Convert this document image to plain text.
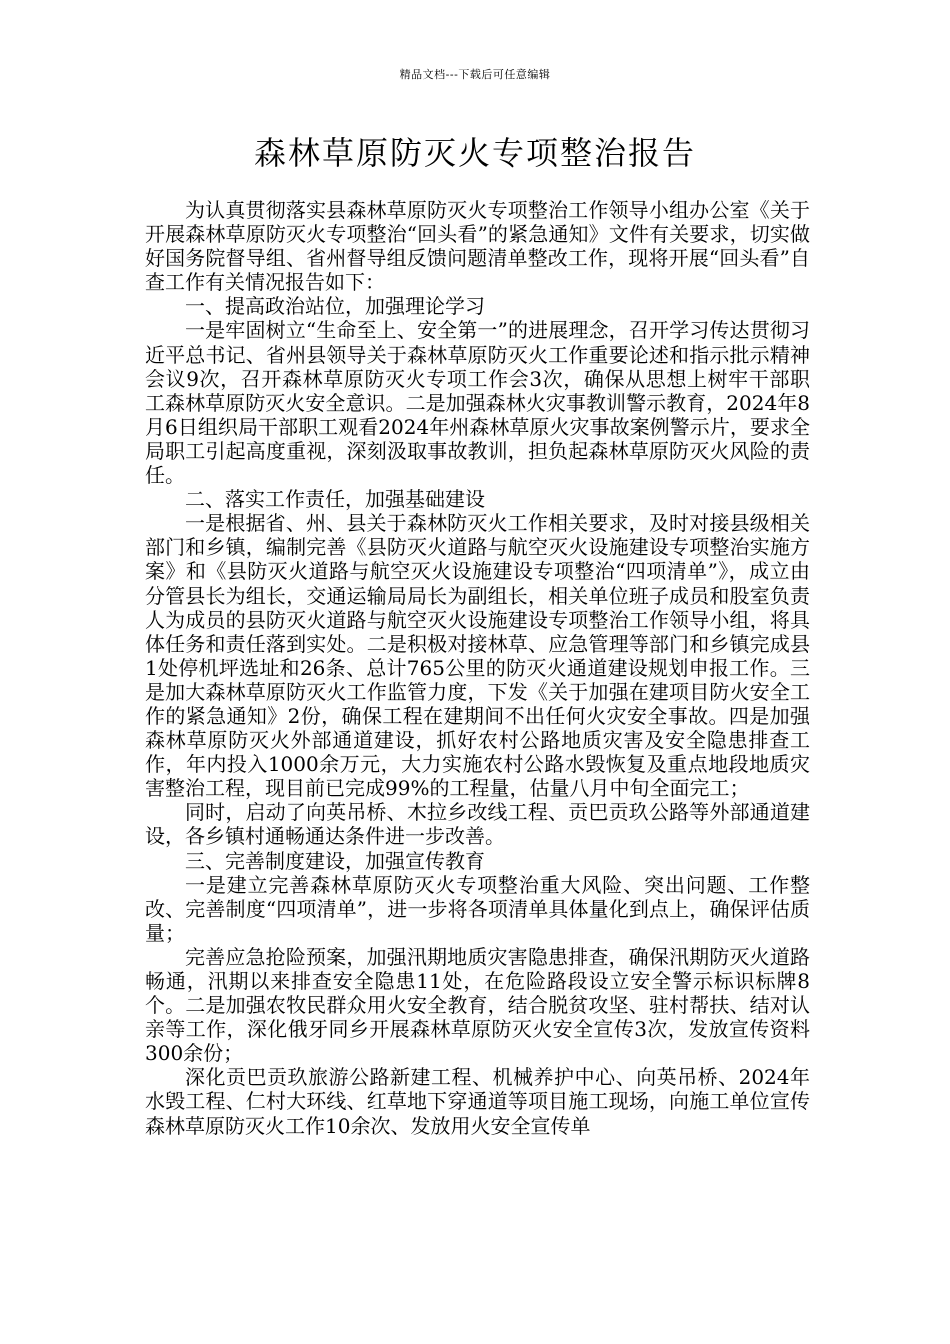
精品文档---下载后可任意编辑
森林草原防灭火专项整治报告

为认真贯彻落实县森林草原防灭火专项整治工作领导小组办公室《关于开展森林草原防灭火专项整治“回头看”的紧急通知》文件有关要求，切实做好国务院督导组、省州督导组反馈问题清单整改工作，现将开展“回头看”自查工作有关情况报告如下：

一、提高政治站位，加强理论学习

一是牢固树立“生命至上、安全第一”的进展理念，召开学习传达贯彻习近平总书记、省州县领导关于森林草原防灭火工作重要论述和指示批示精神会议9次，召开森林草原防灭火专项工作会3次，确保从思想上树牢干部职工森林草原防灭火安全意识。二是加强森林火灾事教训警示教育，2024年8月6日组织局干部职工观看2024年州森林草原火灾事故案例警示片，要求全局职工引起高度重视，深刻汲取事故教训，担负起森林草原防灭火风险的责任。

二、落实工作责任，加强基础建设

一是根据省、州、县关于森林防灭火工作相关要求，及时对接县级相关部门和乡镇，编制完善《县防灭火道路与航空灭火设施建设专项整治实施方案》和《县防灭火道路与航空灭火设施建设专项整治“四项清单”》，成立由分管县长为组长，交通运输局局长为副组长，相关单位班子成员和股室负责人为成员的县防灭火道路与航空灭火设施建设专项整治工作领导小组，将具体任务和责任落到实处。二是积极对接林草、应急管理等部门和乡镇完成县1处停机坪选址和26条、总计765公里的防灭火通道建设规划申报工作。三是加大森林草原防灭火工作监管力度，下发《关于加强在建项目防火安全工作的紧急通知》2份，确保工程在建期间不出任何火灾安全事故。四是加强森林草原防灭火外部通道建设，抓好农村公路地质灾害及安全隐患排查工作，年内投入1000余万元，大力实施农村公路水毁恢复及重点地段地质灾害整治工程，现目前已完成99%的工程量，估量八月中旬全面完工；

同时，启动了向英吊桥、木拉乡改线工程、贡巴贡玖公路等外部通道建设，各乡镇村通畅通达条件进一步改善。

三、完善制度建设，加强宣传教育

一是建立完善森林草原防灭火专项整治重大风险、突出问题、工作整改、完善制度“四项清单”，进一步将各项清单具体量化到点上，确保评估质量；

完善应急抢险预案，加强汛期地质灾害隐患排查，确保汛期防灭火道路畅通，汛期以来排查安全隐患11处，在危险路段设立安全警示标识标牌8个。二是加强农牧民群众用火安全教育，结合脱贫攻坚、驻村帮扶、结对认亲等工作，深化俄牙同乡开展森林草原防灭火安全宣传3次，发放宣传资料300余份；

深化贡巴贡玖旅游公路新建工程、机械养护中心、向英吊桥、2024年水毁工程、仁村大环线、红草地下穿通道等项目施工现场，向施工单位宣传森林草原防灭火工作10余次、发放用火安全宣传单
